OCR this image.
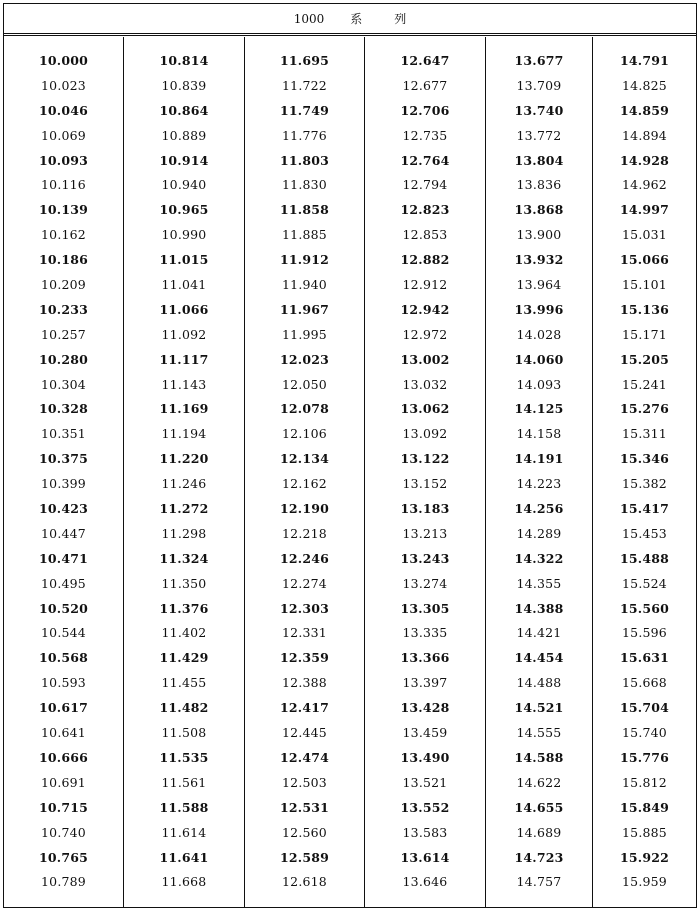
1000 系	列
10.000
10.023
10.046
10.069
10.093
10.116
10.139
10.162
10.186
10.209
10.233
10.257
10.280
10.304
10.328
10.351
10.375
10.399
10.423
10.447
10.471
10.495
10.520
10.544
10.568
10.593
10.617
10.641
10.666
10.691
10.715
10.740
10.765
10.789
10.814
10.839
10.864
10.889
10.914
10.940
10.965
10.990
11.015
11.041
11.066
11.092
11.117
11.143
11.169
11.194
11.220
11.246
11.272
11.298
11.324
11.350
11.376
11.402
11.429
11.455
11.482
11.508
11.535
11.561
11.588
11.614
11.641
11.668
11.695
11.722
11.749
11.776
11.803
11.830
11.858
11.885
11.912
11.940
11.967
11.995
12.023
12.050
12.078
12.106
12.134
12.162
12.190
12.218
12.246
12.274
12.303
12.331
12.359
12.388
12.417
12.445
12.474
12.503
12.531
12.560
12.589
12.618
12.647
12.677
12.706
12.735
12.764
12.794
12.823
12.853
12.882
12.912
12.942
12.972
13.002
13.032
13.062
13.092
13.122
13.152
13.183
13.213
13.243
13.274
13.305
13.335
13.366
13.397
13.428
13.459
13.490
13.521
13.552
13.583
13.614
13.646
13.677
13.709
13.740
13.772
13.804
13.836
13.868
13.900
13.932
13.964
13.996
14.028
14.060
14.093
14.125
14.158
14.191
14.223
14.256
14.289
14.322
14.355
14.388
14.421
14.454
14.488
14.521
14.555
14.588
14.622
14.655
14.689
14.723
14.757
14.791
14.825
14.859
14.894
14.928
14.962
14.997
15.031
15.066
15.101
15.136
15.171
15.205
15.241
15.276
15.311
15.346
15.382
15.417
15.453
15.488
15.524
15.560
15.596
15.631
15.668
15.704
15.740
15.776
15.812
15.849
15.885
15.922
15.959
